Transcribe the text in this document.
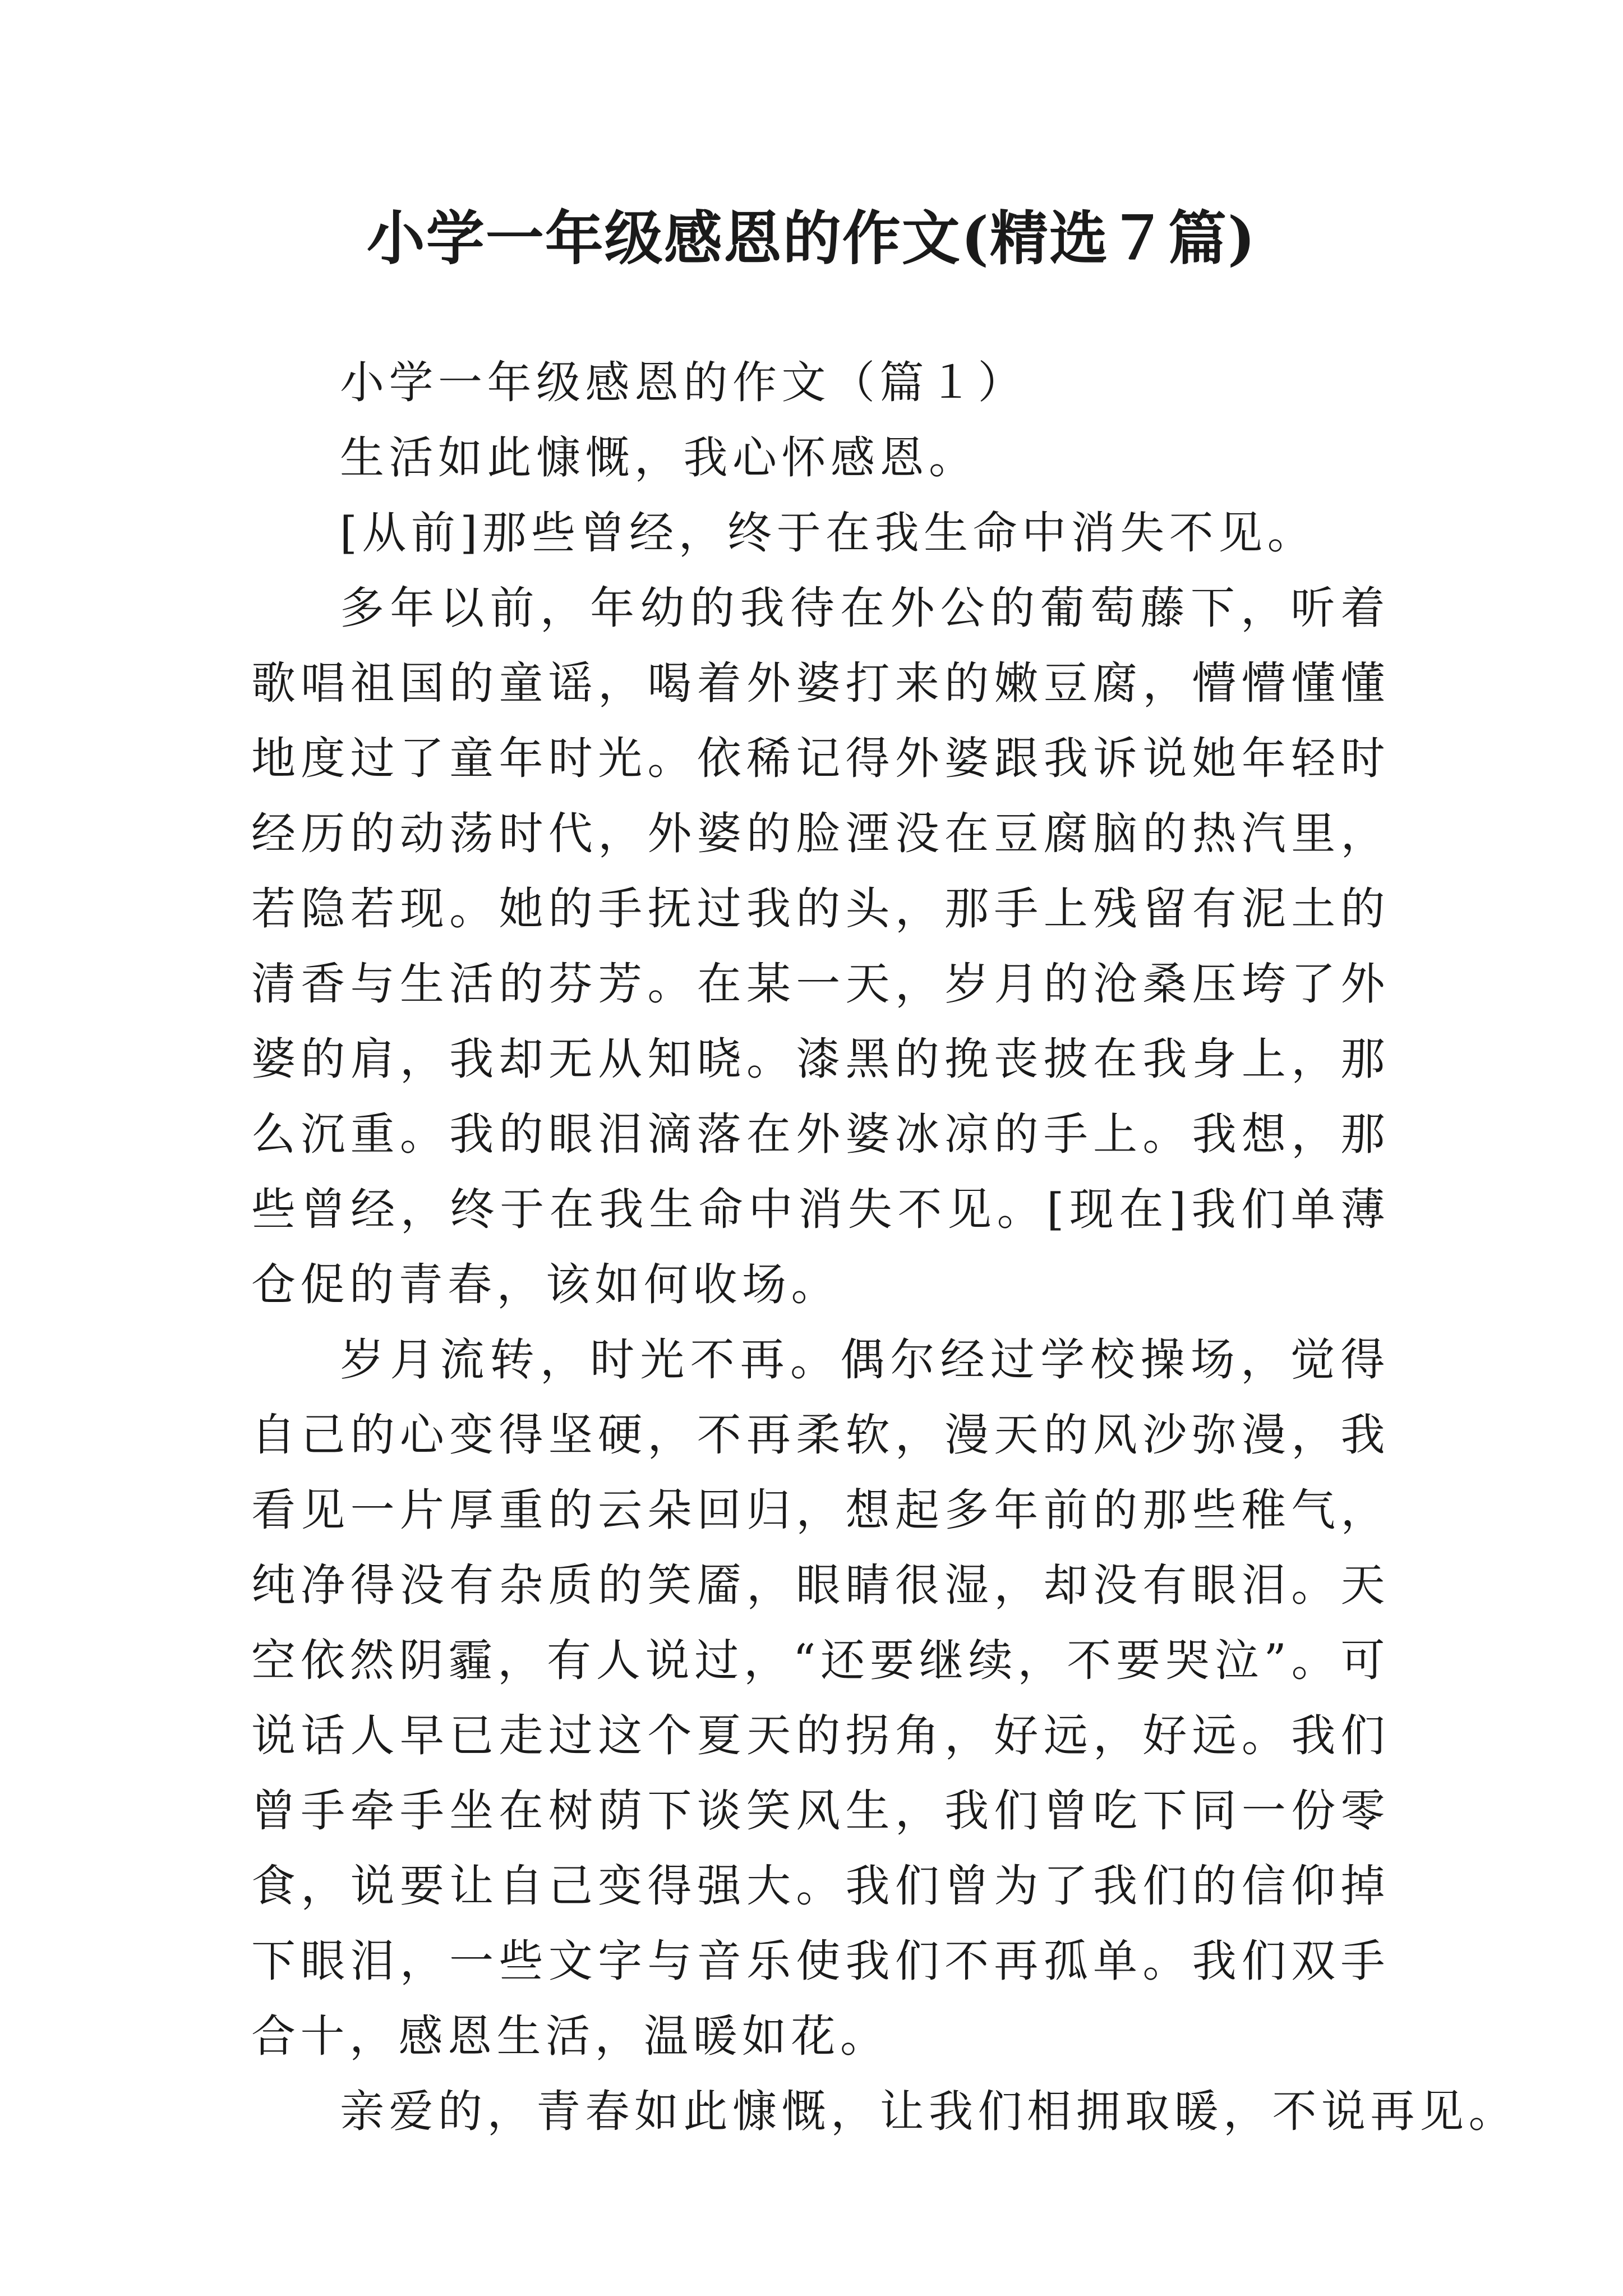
小学一年级感恩的作文(精选７篇)

小学一年级感恩的作文（篇１）

生活如此慷慨，我心怀感恩。

[从前]那些曾经，终于在我生命中消失不见。

多年以前，年幼的我待在外公的葡萄藤下，听着歌唱祖国的童谣，喝着外婆打来的嫩豆腐，懵懵懂懂地度过了童年时光。依稀记得外婆跟我诉说她年轻时经历的动荡时代，外婆的脸湮没在豆腐脑的热汽里，若隐若现。她的手抚过我的头，那手上残留有泥土的清香与生活的芬芳。在某一天，岁月的沧桑压垮了外婆的肩，我却无从知晓。漆黑的挽丧披在我身上，那么沉重。我的眼泪滴落在外婆冰凉的手上。我想，那些曾经，终于在我生命中消失不见。[现在]我们单薄仓促的青春，该如何收场。

岁月流转，时光不再。偶尔经过学校操场，觉得自己的心变得坚硬，不再柔软，漫天的风沙弥漫，我看见一片厚重的云朵回归，想起多年前的那些稚气，纯净得没有杂质的笑靥，眼睛很湿，却没有眼泪。天空依然阴霾，有人说过，“还要继续，不要哭泣”。可说话人早已走过这个夏天的拐角，好远，好远。我们曾手牵手坐在树荫下谈笑风生，我们曾吃下同一份零食，说要让自己变得强大。我们曾为了我们的信仰掉下眼泪，一些文字与音乐使我们不再孤单。我们双手合十，感恩生活，温暖如花。

亲爱的，青春如此慷慨，让我们相拥取暖，不说再见。
